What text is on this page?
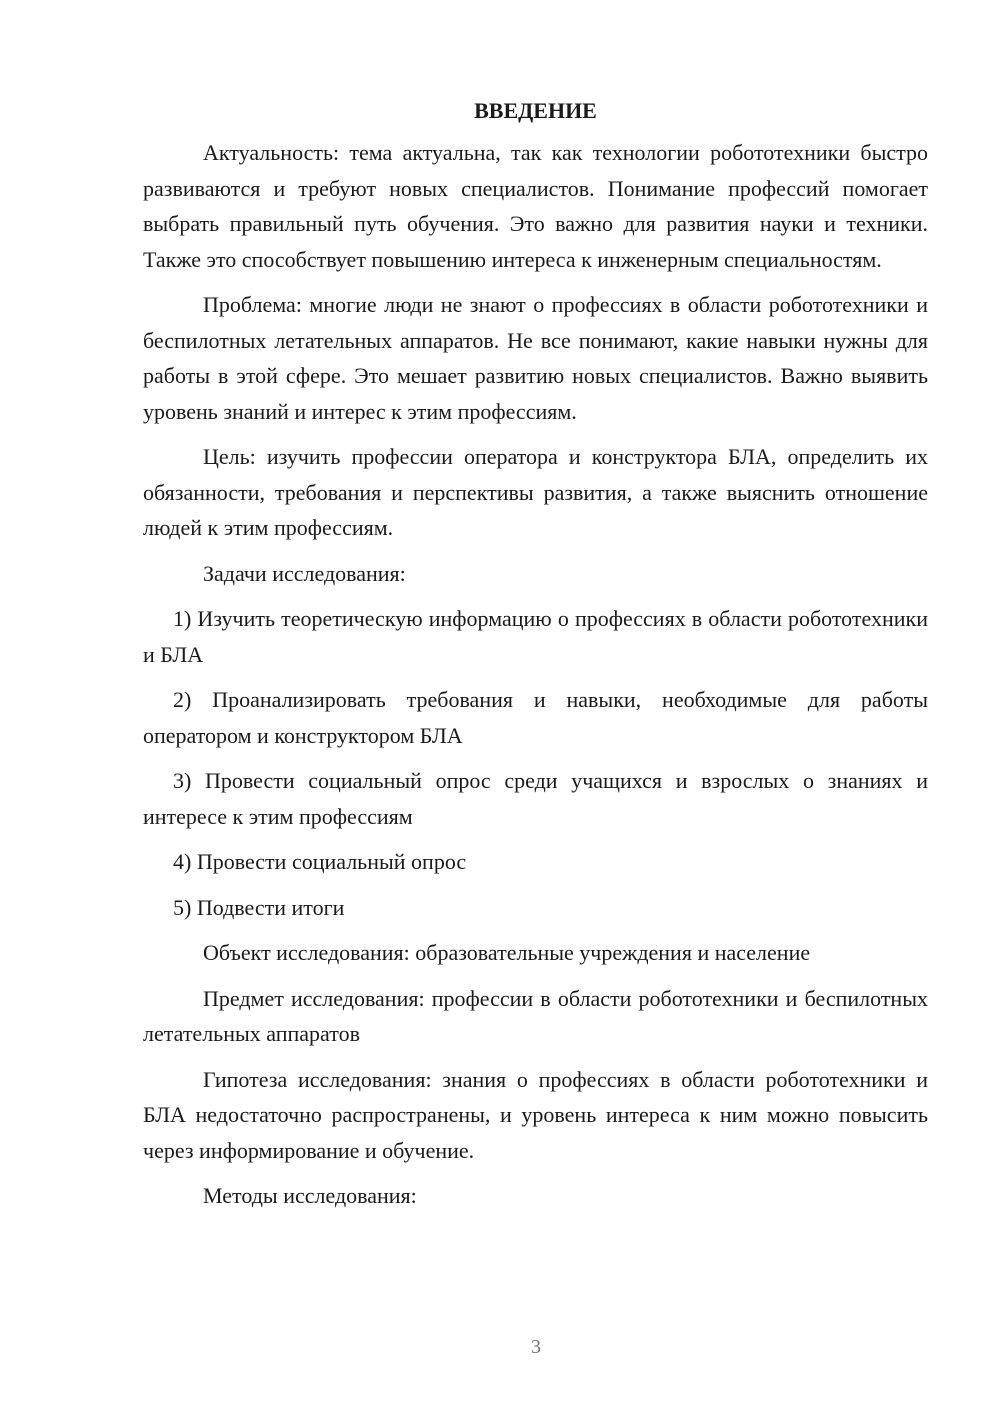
ВВЕДЕНИЕ

Актуальность: тема актуальна, так как технологии робототехники быстро развиваются и требуют новых специалистов. Понимание профессий помогает выбрать правильный путь обучения. Это важно для развития науки и техники. Также это способствует повышению интереса к инженерным специальностям.

Проблема: многие люди не знают о профессиях в области робототехники и беспилотных летательных аппаратов. Не все понимают, какие навыки нужны для работы в этой сфере. Это мешает развитию новых специалистов. Важно выявить уровень знаний и интерес к этим профессиям.

Цель: изучить профессии оператора и конструктора БЛА, определить их обязанности, требования и перспективы развития, а также выяснить отношение людей к этим профессиям.

Задачи исследования:

1) Изучить теоретическую информацию о профессиях в области робототехники и БЛА

2) Проанализировать требования и навыки, необходимые для работы оператором и конструктором БЛА

3) Провести социальный опрос среди учащихся и взрослых о знаниях и интересе к этим профессиям

4) Провести социальный опрос

5) Подвести итоги

Объект исследования: образовательные учреждения и население

Предмет исследования: профессии в области робототехники и беспилотных летательных аппаратов

Гипотеза исследования: знания о профессиях в области робототехники и БЛА недостаточно распространены, и уровень интереса к ним можно повысить через информирование и обучение.

Методы исследования:

3
